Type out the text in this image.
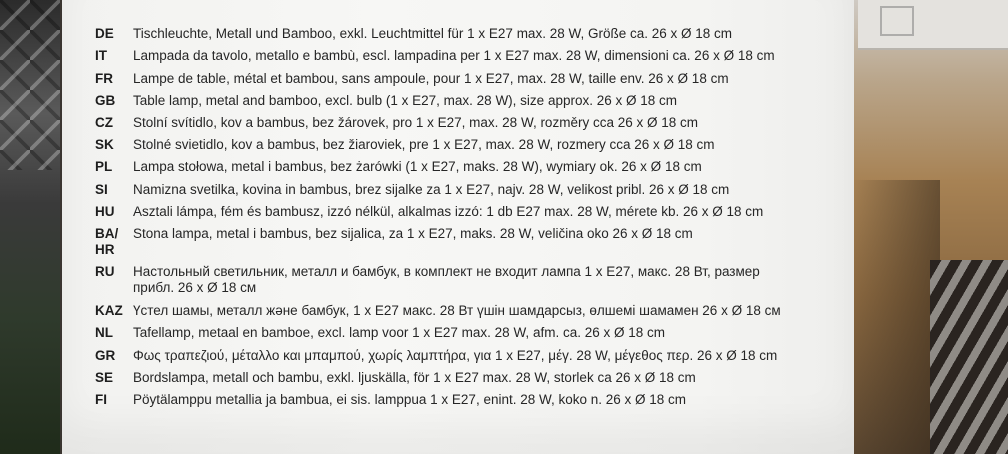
DE	Tischleuchte, Metall und Bamboo, exkl. Leuchtmittel für 1 x E27 max. 28 W, Größe ca. 26 x Ø 18 cm
IT	Lampada da tavolo, metallo e bambù, escl. lampadina per 1 x E27 max. 28 W, dimensioni ca. 26 x Ø 18 cm
FR	Lampe de table, métal et bambou, sans ampoule, pour 1 x E27, max. 28 W, taille env. 26 x Ø 18 cm
GB	Table lamp, metal and bamboo, excl. bulb (1 x E27, max. 28 W), size approx. 26 x Ø 18 cm
CZ	Stolní svítidlo, kov a bambus, bez žárovek, pro 1 x E27, max. 28 W, rozměry cca 26 x Ø 18 cm
SK	Stolné svietidlo, kov a bambus, bez žiaroviek, pre 1 x E27, max. 28 W, rozmery cca 26 x Ø 18 cm
PL	Lampa stołowa, metal i bambus, bez żarówki (1 x E27, maks. 28 W), wymiary ok. 26 x Ø 18 cm
SI	Namizna svetilka, kovina in bambus, brez sijalke za 1 x E27, najv. 28 W, velikost pribl. 26 x Ø 18 cm
HU	Asztali lámpa, fém és bambusz, izzó nélkül, alkalmas izzó: 1 db E27 max. 28 W, mérete kb. 26 x Ø 18 cm
BA/	Stona lampa, metal i bambus, bez sijalica, za 1 x E27, maks. 28 W, veličina oko 26 x Ø 18 cm
HR
RU	Настольный светильник, металл и бамбук, в комплект не входит лампа 1 x E27, макс. 28 Вт, размер
прибл. 26 x Ø 18 см
KAZ Үстел шамы, металл және бамбук, 1 x E27 макс. 28 Вт үшін шамдарсыз, өлшемі шамамен 26 x Ø 18 см
NL	Tafellamp, metaal en bamboe, excl. lamp voor 1 x E27 max. 28 W, afm. ca. 26 x Ø 18 cm
GR	Φως τραπεζιού, μέταλλο και μπαμπού, χωρίς λαμπτήρα, για 1 x E27, μέγ. 28 W, μέγεθος περ. 26 x Ø 18 cm
SE	Bordslampa, metall och bambu, exkl. ljuskälla, för 1 x E27 max. 28 W, storlek ca 26 x Ø 18 cm
FI	Pöytälamppu metallia ja bambua, ei sis. lamppua 1 x E27, enint. 28 W, koko n. 26 x Ø 18 cm
